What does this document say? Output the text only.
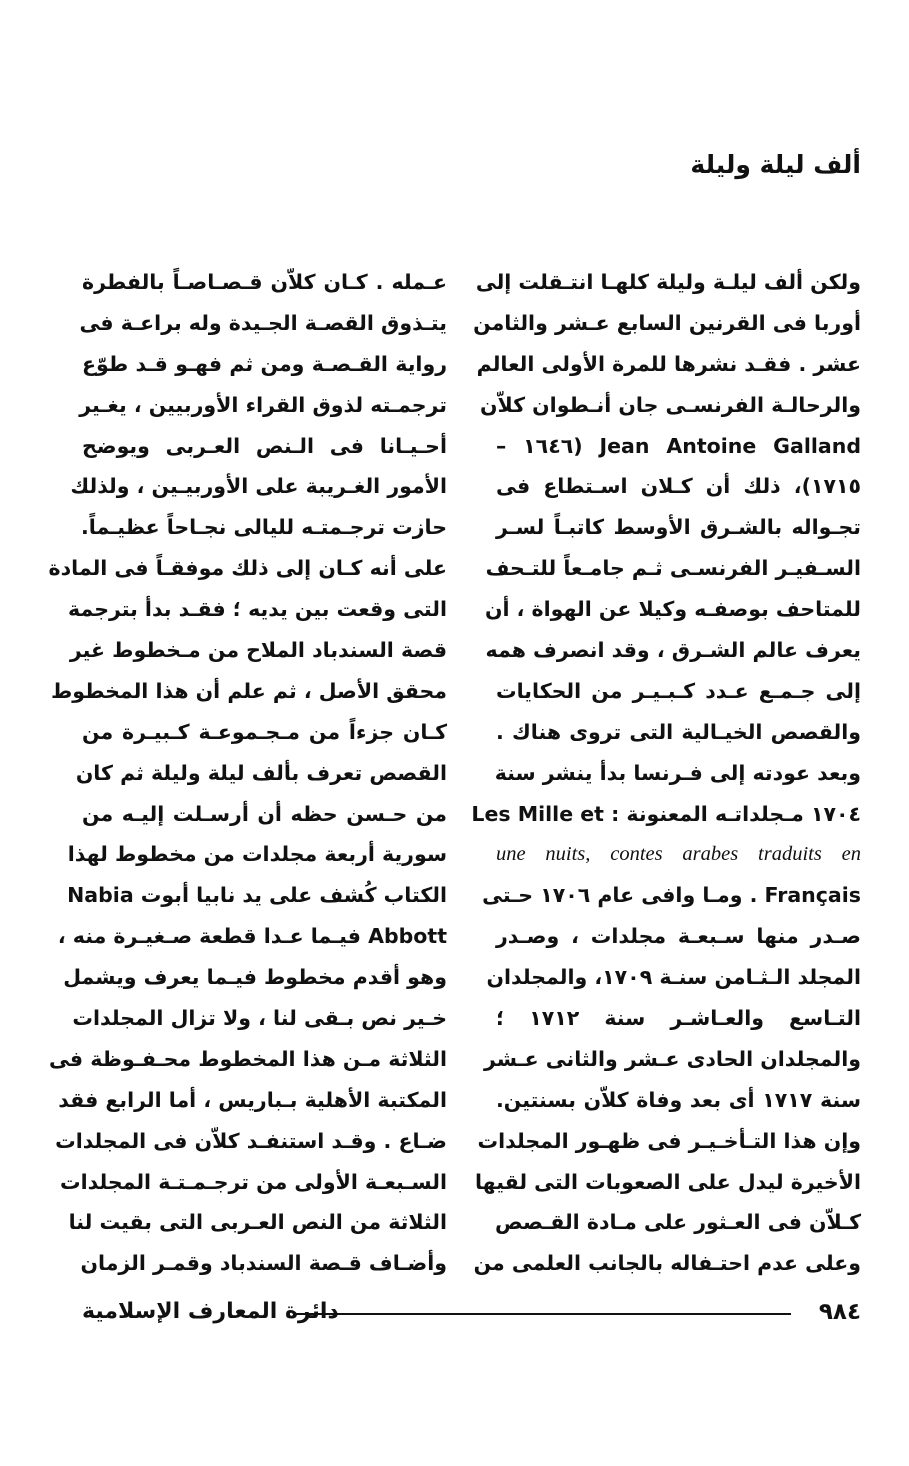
ألف ليلة وليلة
ولكن ألف ليلـة وليلة كلهـا انتـقلت إلى
أوربا فى القرنين السابع عـشر والثامن
عشر . فقـد نشرها للمرة الأولى العالم
والرحالـة الفرنسـى جان أنـطوان كلاّن
Jean Antoine Galland (١٦٤٦ –
١٧١٥)، ذلك أن كـلان اسـتطاع فى
تجـواله بالشـرق الأوسط كاتبـاً لسـر
السـفيـر الفرنسـى ثـم جامـعاً للتـحف
للمتاحف بوصفـه وكيلا عن الهواة ، أن
يعرف عالم الشـرق ، وقد انصرف همه
إلى جـمـع عـدد كـبـيـر من الحكايات
والقصص الخيـالية التى تروى هناك .
وبعد عودته إلى فـرنسا بدأ ينشر سنة
١٧٠٤ مـجلداتـه المعنونة : Les Mille et
une nuits, contes arabes traduits en
Français . ومـا وافى عام ١٧٠٦ حـتى
صـدر منها سـبعـة مجلدات ، وصـدر
المجلد الـثـامن سنـة ١٧٠٩، والمجلدان
التـاسع والعـاشـر سنة ١٧١٢ ؛
والمجلدان الحادى عـشر والثانى عـشر
سنة ١٧١٧ أى بعد وفاة كلاّن بسنتين.
وإن هذا التـأخـيـر فى ظهـور المجلدات
الأخيرة ليدل على الصعوبات التى لقيها
كـلاّن فى العـثور على مـادة القـصص
وعلى عدم احتـفاله بالجانب العلمى من
عـمله . كـان كلاّن قـصـاصـاً بالفطرة
يتـذوق القصـة الجـيدة وله براعـة فى
رواية القـصـة ومن ثم فهـو قـد طوّع
ترجمـته لذوق القراء الأوربيين ، يغـير
أحـيـانا فى الـنص العـربى ويوضح
الأمور الغـريبة على الأوربيـين ، ولذلك
حازت ترجـمتـه لليالى نجـاحاً عظيـماً.
على أنه كـان إلى ذلك موفقـاً فى المادة
التى وقعت بين يديه ؛ فقـد بدأ بترجمة
قصة السندباد الملاح من مـخطوط غير
محقق الأصل ، ثم علم أن هذا المخطوط
كـان جزءاً من مـجـموعـة كـبيـرة من
القصص تعرف بألف ليلة وليلة ثم كان
من حـسن حظه أن أرسـلت إليـه من
سورية أربعة مجلدات من مخطوط لهذا
الكتاب كُشف على يد نابيا أبوت Nabia
Abbott فيـما عـدا قطعة صـغيـرة منه ،
وهو أقدم مخطوط فيـما يعرف ويشمل
خـير نص بـقى لنا ، ولا تزال المجلدات
الثلاثة مـن هذا المخطوط محـفـوظة فى
المكتبة الأهلية بـباريس ، أما الرابع فقد
ضـاع . وقـد استنفـد كلاّن فى المجلدات
السـبعـة الأولى من ترجـمـتـة المجلدات
الثلاثة من النص العـربى التى بقيت لنا
وأضـاف قـصة السندباد وقمـر الزمان
٩٨٤
دائرة المعارف الإسلامية
